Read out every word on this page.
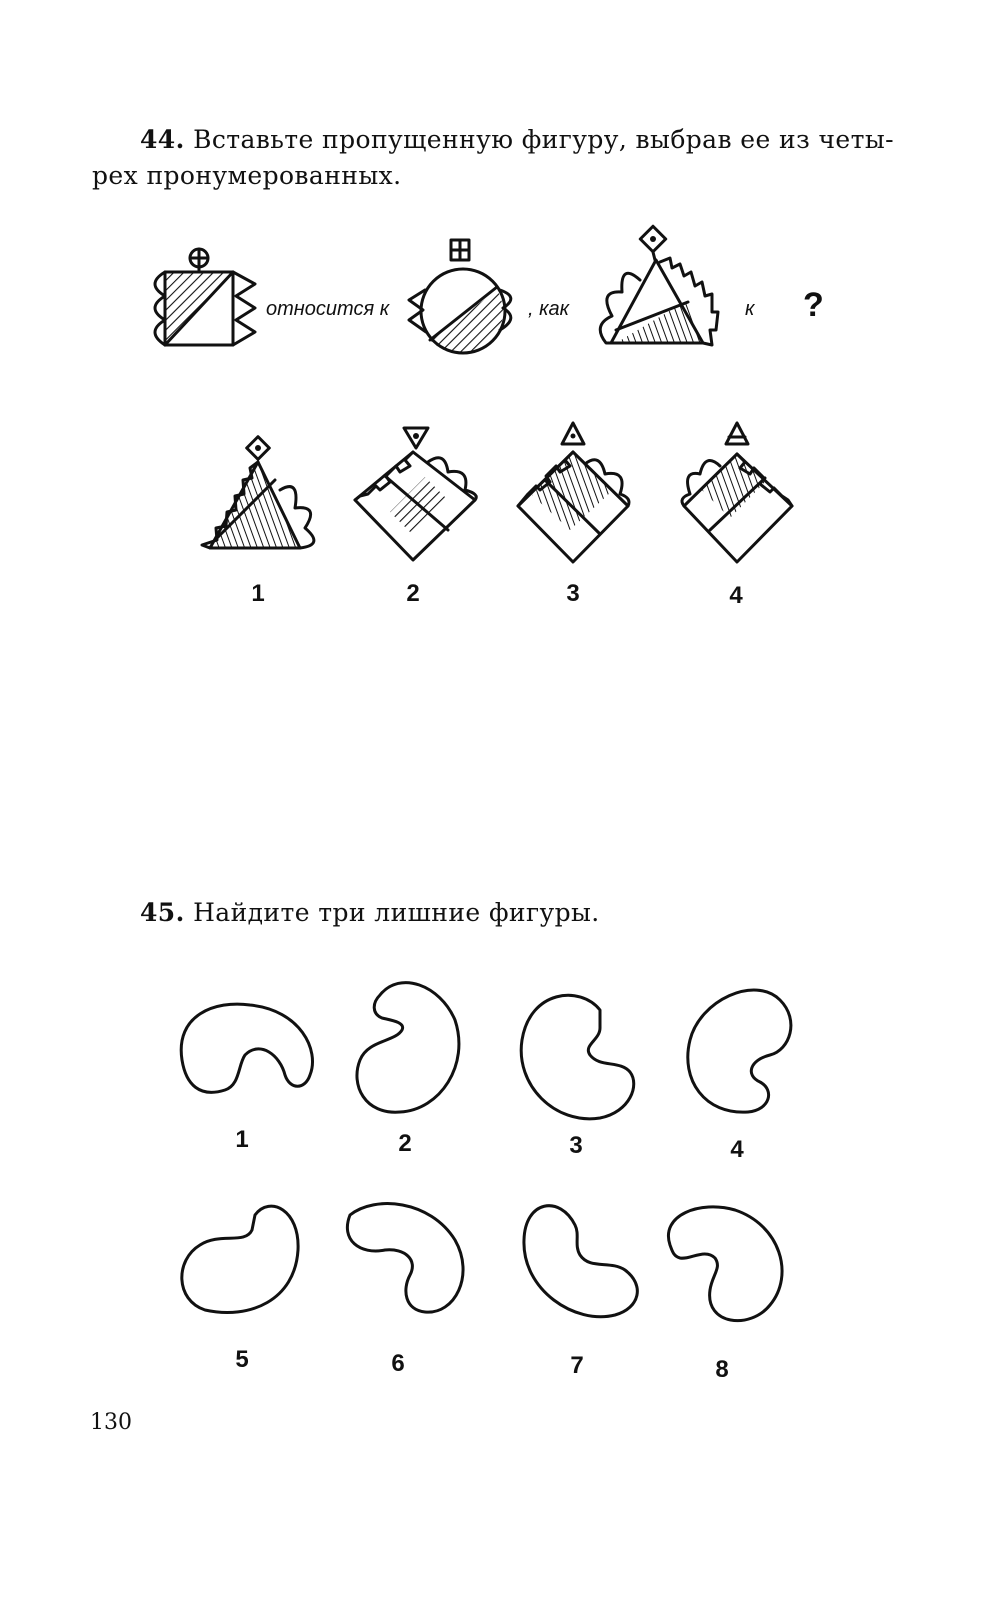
44. Вставьте пропущенную фигуру, выбрав ее из четы-
рех пронумерованных.
относится к	, как	к ?
1	2	3	4
45. Найдите три лишние фигуры.
1	2	3	4
5	6	7	8
130
